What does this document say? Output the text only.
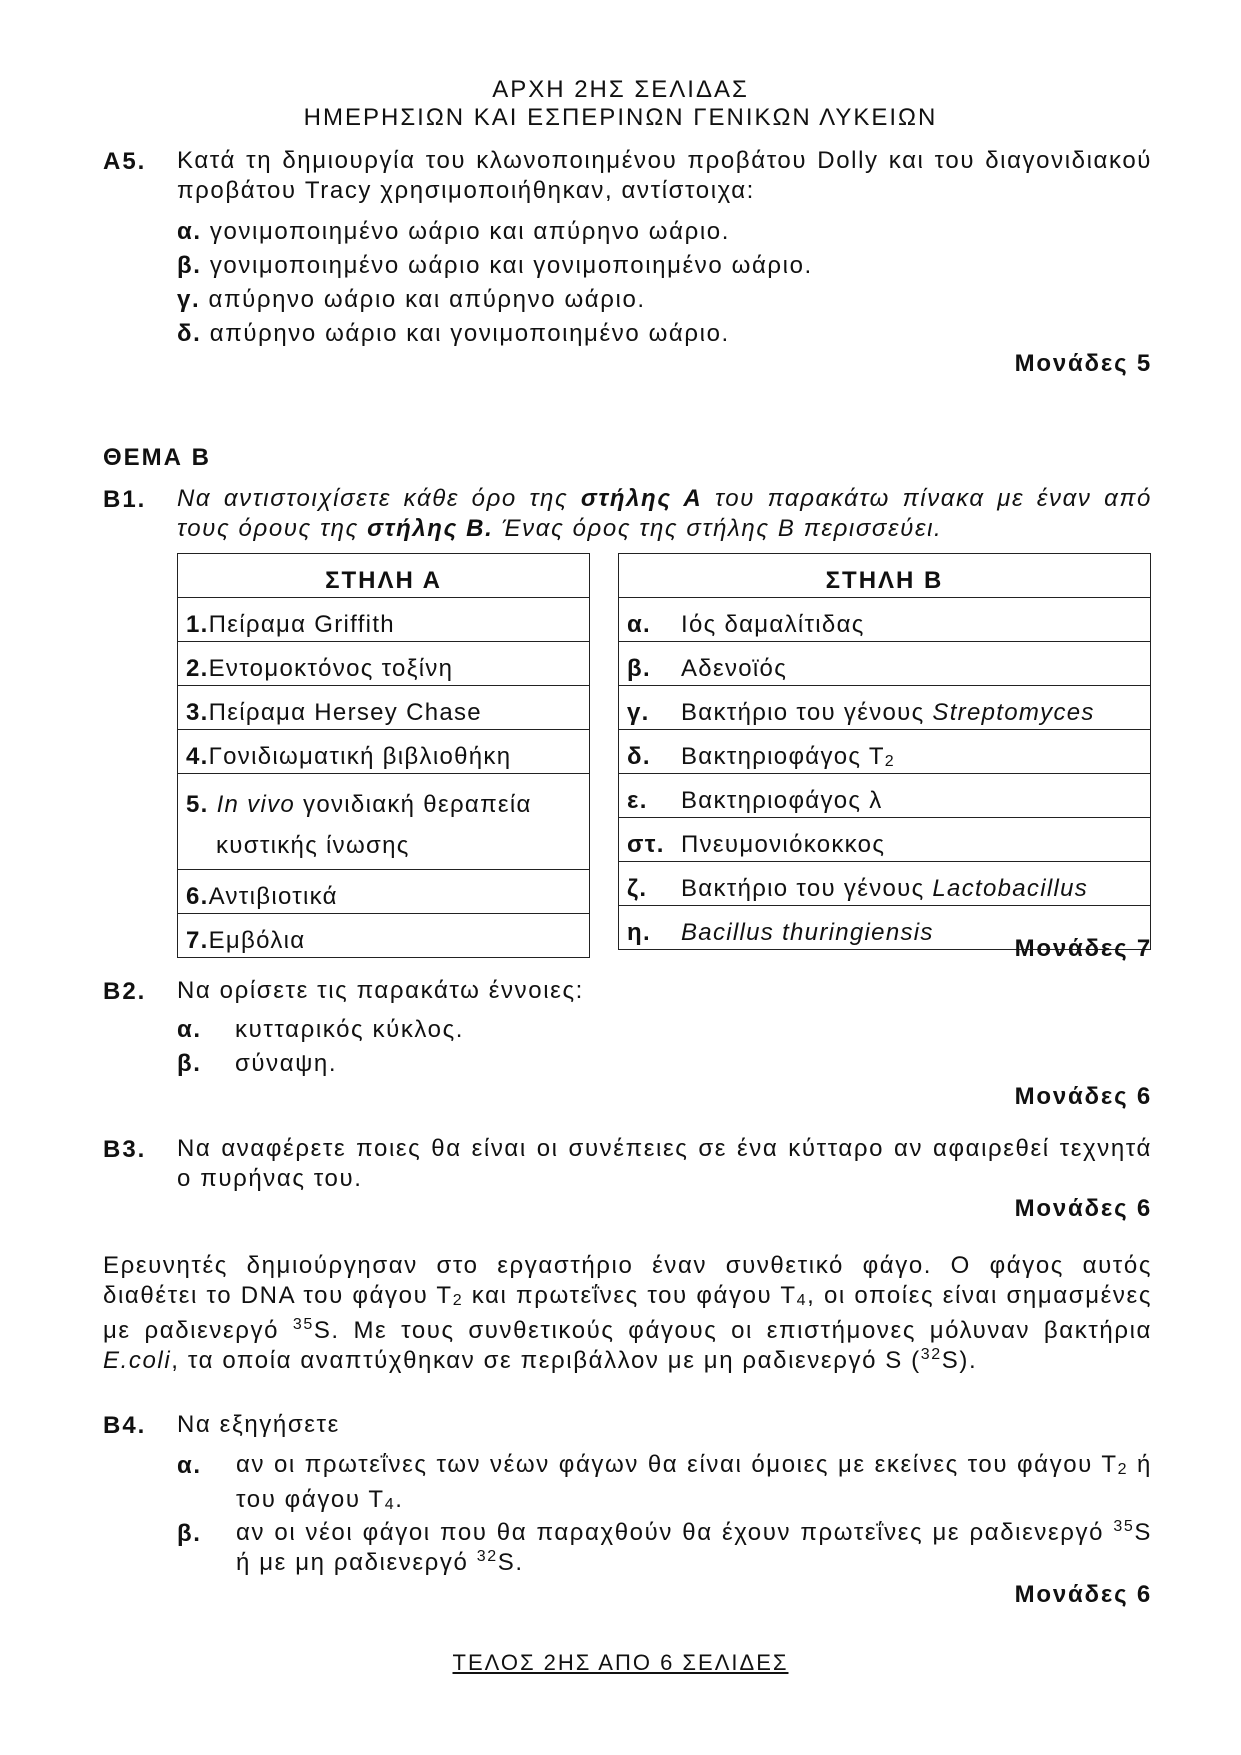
ΑΡΧΗ 2ΗΣ ΣΕΛΙΔΑΣ
ΗΜΕΡΗΣΙΩΝ ΚΑΙ ΕΣΠΕΡΙΝΩΝ ΓΕΝΙΚΩΝ ΛΥΚΕΙΩΝ
Α5. Κατά τη δημιουργία του κλωνοποιημένου προβάτου Dolly και του διαγονιδιακού προβάτου Tracy χρησιμοποιήθηκαν, αντίστοιχα:
α. γονιμοποιημένο ωάριο και απύρηνο ωάριο.
β. γονιμοποιημένο ωάριο και γονιμοποιημένο ωάριο.
γ. απύρηνο ωάριο και απύρηνο ωάριο.
δ. απύρηνο ωάριο και γονιμοποιημένο ωάριο.
Μονάδες 5
ΘΕΜΑ Β
Β1. Να αντιστοιχίσετε κάθε όρο της στήλης Α του παρακάτω πίνακα με έναν από τους όρους της στήλης Β. Ένας όρος της στήλης Β περισσεύει.
ΣΤΗΛΗ Α
1.Πείραμα Griffith
2.Εντομοκτόνος τοξίνη
3.Πείραμα Hersey Chase
4.Γονιδιωματική βιβλιοθήκη
5. In vivo γονιδιακή θεραπεία
κυστικής ίνωσης
6.Αντιβιοτικά
7.Εμβόλια
ΣΤΗΛΗ Β	
α.	Ιός δαμαλίτιδας
β.	Αδενοϊός
γ.	Βακτήριο του γένους Streptomyces
δ.	Βακτηριοφάγος $T_2$
ε.	Βακτηριοφάγος λ
στ.	Πνευμονιόκοκκος
ζ.	Βακτήριο του γένους Lactobacillus
η.	Bacillus thuringiensis
Μονάδες 7
Β2. Να ορίσετε τις παρακάτω έννοιες:
α. κυτταρικός κύκλος.
β. σύναψη.
Μονάδες 6
Β3. Να αναφέρετε ποιες θα είναι οι συνέπειες σε ένα κύτταρο αν αφαιρεθεί τεχνητά ο πυρήνας του.
Μονάδες 6
Ερευνητές δημιούργησαν στο εργαστήριο έναν συνθετικό φάγο. Ο φάγος αυτός διαθέτει το DNA του φάγου $T_2$ και πρωτεΐνες του φάγου $T_4$, οι οποίες είναι σημασμένες με ραδιενεργό $^{35}$S. Με τους συνθετικούς φάγους οι επιστήμονες μόλυναν βακτήρια E.coli, τα οποία αναπτύχθηκαν σε περιβάλλον με μη ραδιενεργό S ($^{32}$S).
Β4. Να εξηγήσετε
α. αν οι πρωτεΐνες των νέων φάγων θα είναι όμοιες με εκείνες του φάγου $T_2$ ή του φάγου $T_4$.
β. αν οι νέοι φάγοι που θα παραχθούν θα έχουν πρωτεΐνες με ραδιενεργό $^{35}$S ή με μη ραδιενεργό $^{32}$S.
Μονάδες 6
ΤΕΛΟΣ 2ΗΣ ΑΠΟ 6 ΣΕΛΙΔΕΣ
